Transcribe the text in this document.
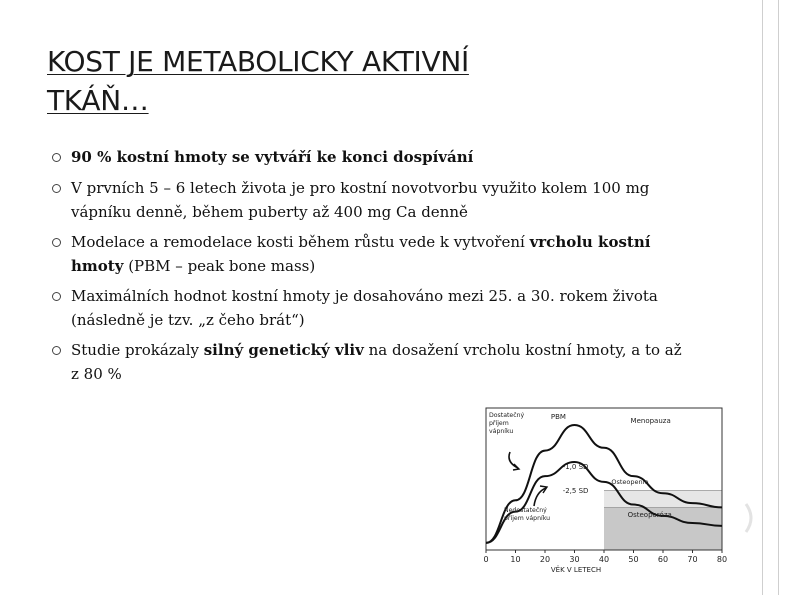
KOST JE METABOLICKY AKTIVNÍ
TKÁŇ…
90 % kostní hmoty se vytváří ke konci dospívání
V prvních 5 – 6 letech života je pro kostní novotvorbu využito kolem 100 mg vápníku denně, během puberty až 400 mg Ca denně
Modelace a remodelace kosti během růstu vede k vytvoření vrcholu kostní hmoty (PBM – peak bone mass)
Maximálních hodnot kostní hmoty je dosahováno mezi 25. a 30. rokem života (následně je tzv. „z čeho brát“)
Studie prokázaly silný genetický vliv na dosažení vrcholu kostní hmoty, a to až z 80 %
0	10 20 30 40 50 60 70 80
VĚK V LETECH
PBM	Menopauza
Dostatečný
příjem
vápníku
Nedostatečný
příjem vápníku
-1,0 SD
-2,5 SD
Osteopenie
Osteoporóza
